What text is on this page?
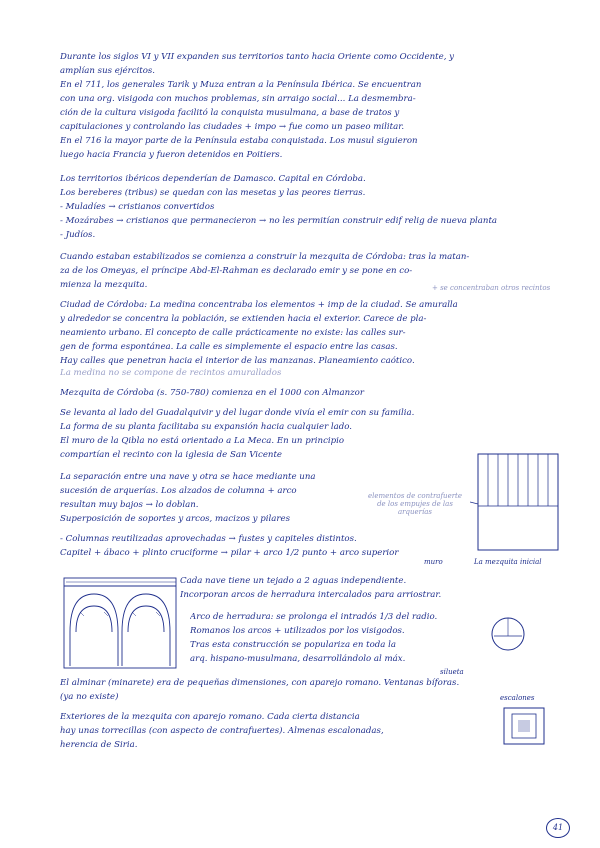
Durante los siglos VI y VII expanden sus territorios tanto hacia Oriente como Occidente, y
amplían sus ejércitos.
En el 711, los generales Tarik y Muza entran a la Península Ibérica. Se encuentran
con una org. visigoda con muchos problemas, sin arraigo social... La desmembra-
ción de la cultura visigoda facilitó la conquista musulmana, a base de tratos y
capitulaciones y controlando las ciudades + impo → fue como un paseo militar.
En el 716 la mayor parte de la Península estaba conquistada. Los musul siguieron
luego hacia Francia y fueron detenidos en Poitiers.
Los territorios ibéricos dependerían de Damasco. Capital en Córdoba.
Los bereberes (tribus) se quedan con las mesetas y las peores tierras.
- Muladíes → cristianos convertidos
- Mozárabes → cristianos que permanecieron → no les permitían construir edif relig de nueva planta
- Judíos.
Cuando estaban estabilizados se comienza a construir la mezquita de Córdoba: tras la matan-
za de los Omeyas, el príncipe Abd-El-Rahman es declarado emir y se pone en co-
mienza la mezquita.	+ se concentraban otros recintos
Ciudad de Córdoba: La medina concentraba los elementos + imp de la ciudad. Se amuralla
y alrededor se concentra la población, se extienden hacia el exterior. Carece de pla-
neamiento urbano. El concepto de calle prácticamente no existe: las calles sur-
gen de forma espontánea. La calle es simplemente el espacio entre las casas.
Hay calles que penetran hacia el interior de las manzanas. Planeamiento caótico.
La medina no se compone de recintos amurallados
Mezquita de Córdoba (s. 750-780) comienza en el 1000 con Almanzor
Se levanta al lado del Guadalquivir y del lugar donde vivía el emir con su familia.
La forma de su planta facilitaba su expansión hacia cualquier lado.
El muro de la Qibla no está orientado a La Meca. En un principio
compartían el recinto con la iglesia de San Vicente
La separación entre una nave y otra se hace mediante una
sucesión de arquerías. Los alzados de columna + arco
resultan muy bajos → lo doblan.
Superposición de soportes y arcos, macizos y pilares
- Columnas reutilizadas aprovechadas → fustes y capiteles distintos.
Capitel + ábaco + plinto cruciforme → pilar + arco 1/2 punto + arco superior
elementos de contrafuerte
de los empujes de las arquerías
La mezquita inicial
muro
Cada nave tiene un tejado a 2 aguas independiente.
Incorporan arcos de herradura intercalados para arriostrar.
Arco de herradura: se prolonga el intradós 1/3 del radio.
Romanos los arcos + utilizados por los visigodos.
Tras esta construcción se populariza en toda la
arq. hispano-musulmana, desarrollándolo al máx.
silueta
El alminar (minarete) era de pequeñas dimensiones, con aparejo romano. Ventanas bíforas.
(ya no existe)	escalones
Exteriores de la mezquita con aparejo romano. Cada cierta distancia
hay unas torrecillas (con aspecto de contrafuertes). Almenas escalonadas,
herencia de Siria.
41
